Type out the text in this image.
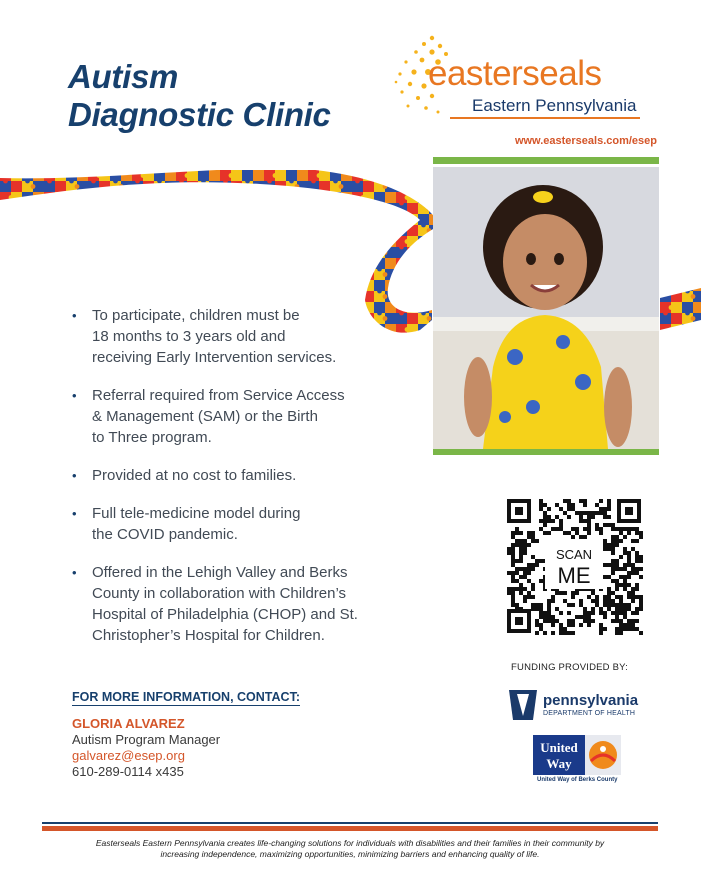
Autism
Diagnostic Clinic
easterseals
Eastern Pennsylvania
www.easterseals.com/esep
• To participate, children must be
18 months to 3 years old and
receiving Early Intervention services.
• Referral required from Service Access
& Management (SAM) or the Birth
to Three program.
• Provided at no cost to families.
• Full tele-medicine model during
the COVID pandemic.
• Offered in the Lehigh Valley and Berks
County in collaboration with Children’s
Hospital of Philadelphia (CHOP) and St.
Christopher’s Hospital for Children.
SCAN
ME
FUNDING PROVIDED BY:
pennsylvania
DEPARTMENT OF HEALTH
United
Way
United Way of Berks County
FOR MORE INFORMATION, CONTACT:
GLORIA ALVAREZ
Autism Program Manager
galvarez@esep.org
610-289-0114 x435
Easterseals Eastern Pennsylvania creates life-changing solutions for individuals with disabilities and their families in their community by
increasing independence, maximizing opportunities, minimizing barriers and enhancing quality of life.
